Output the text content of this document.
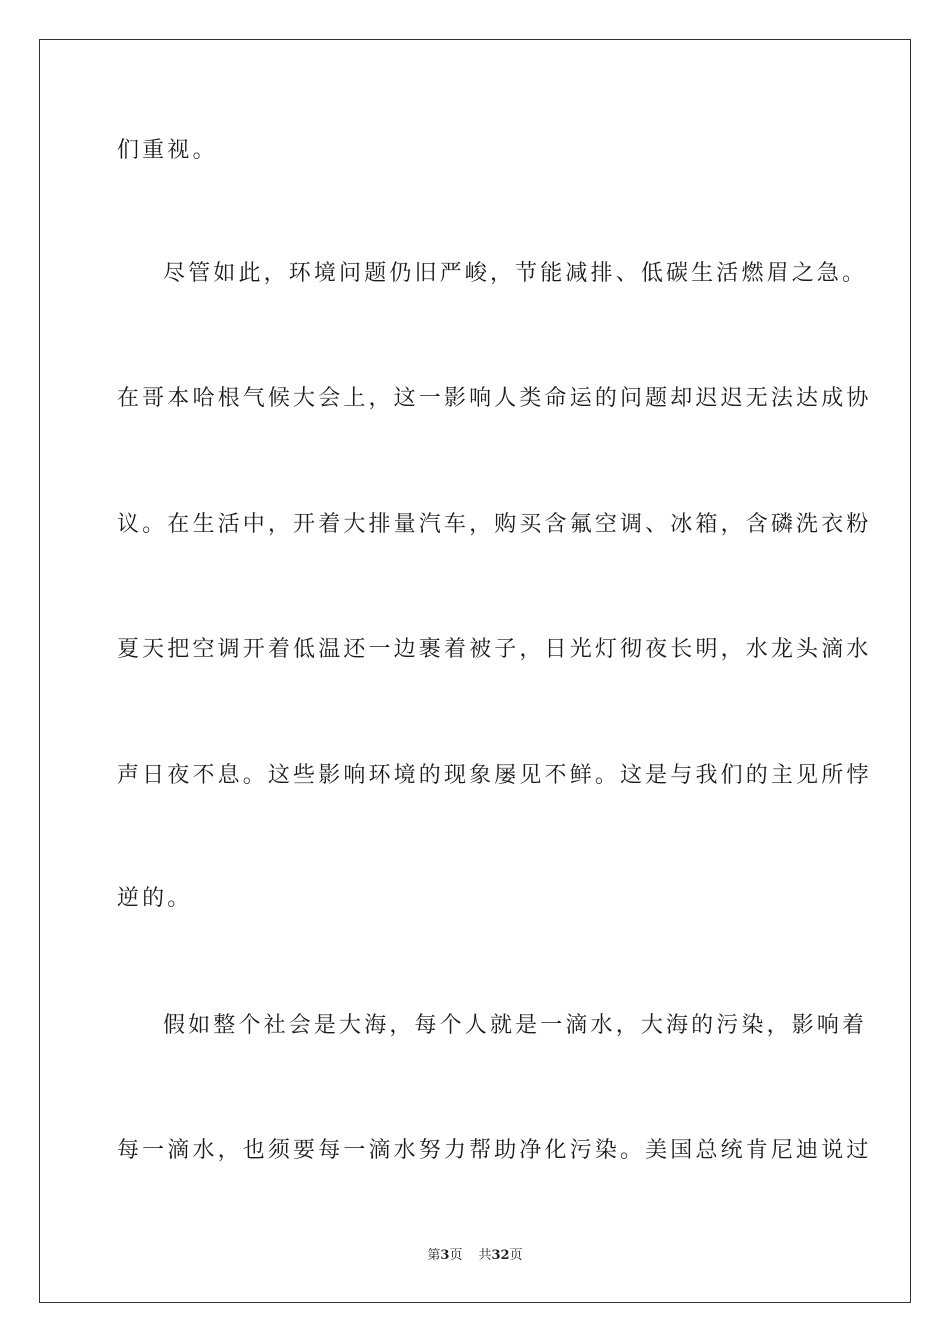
们重视。
尽管如此，环境问题仍旧严峻，节能减排、低碳生活燃眉之急。
在哥本哈根气候大会上，这一影响人类命运的问题却迟迟无法达成协
议。在生活中，开着大排量汽车，购买含氟空调、冰箱，含磷洗衣粉
夏天把空调开着低温还一边裹着被子，日光灯彻夜长明，水龙头滴水
声日夜不息。这些影响环境的现象屡见不鲜。这是与我们的主见所悖
逆的。
假如整个社会是大海，每个人就是一滴水，大海的污染，影响着
每一滴水，也须要每一滴水努力帮助净化污染。美国总统肯尼迪说过
第3页 共32页
